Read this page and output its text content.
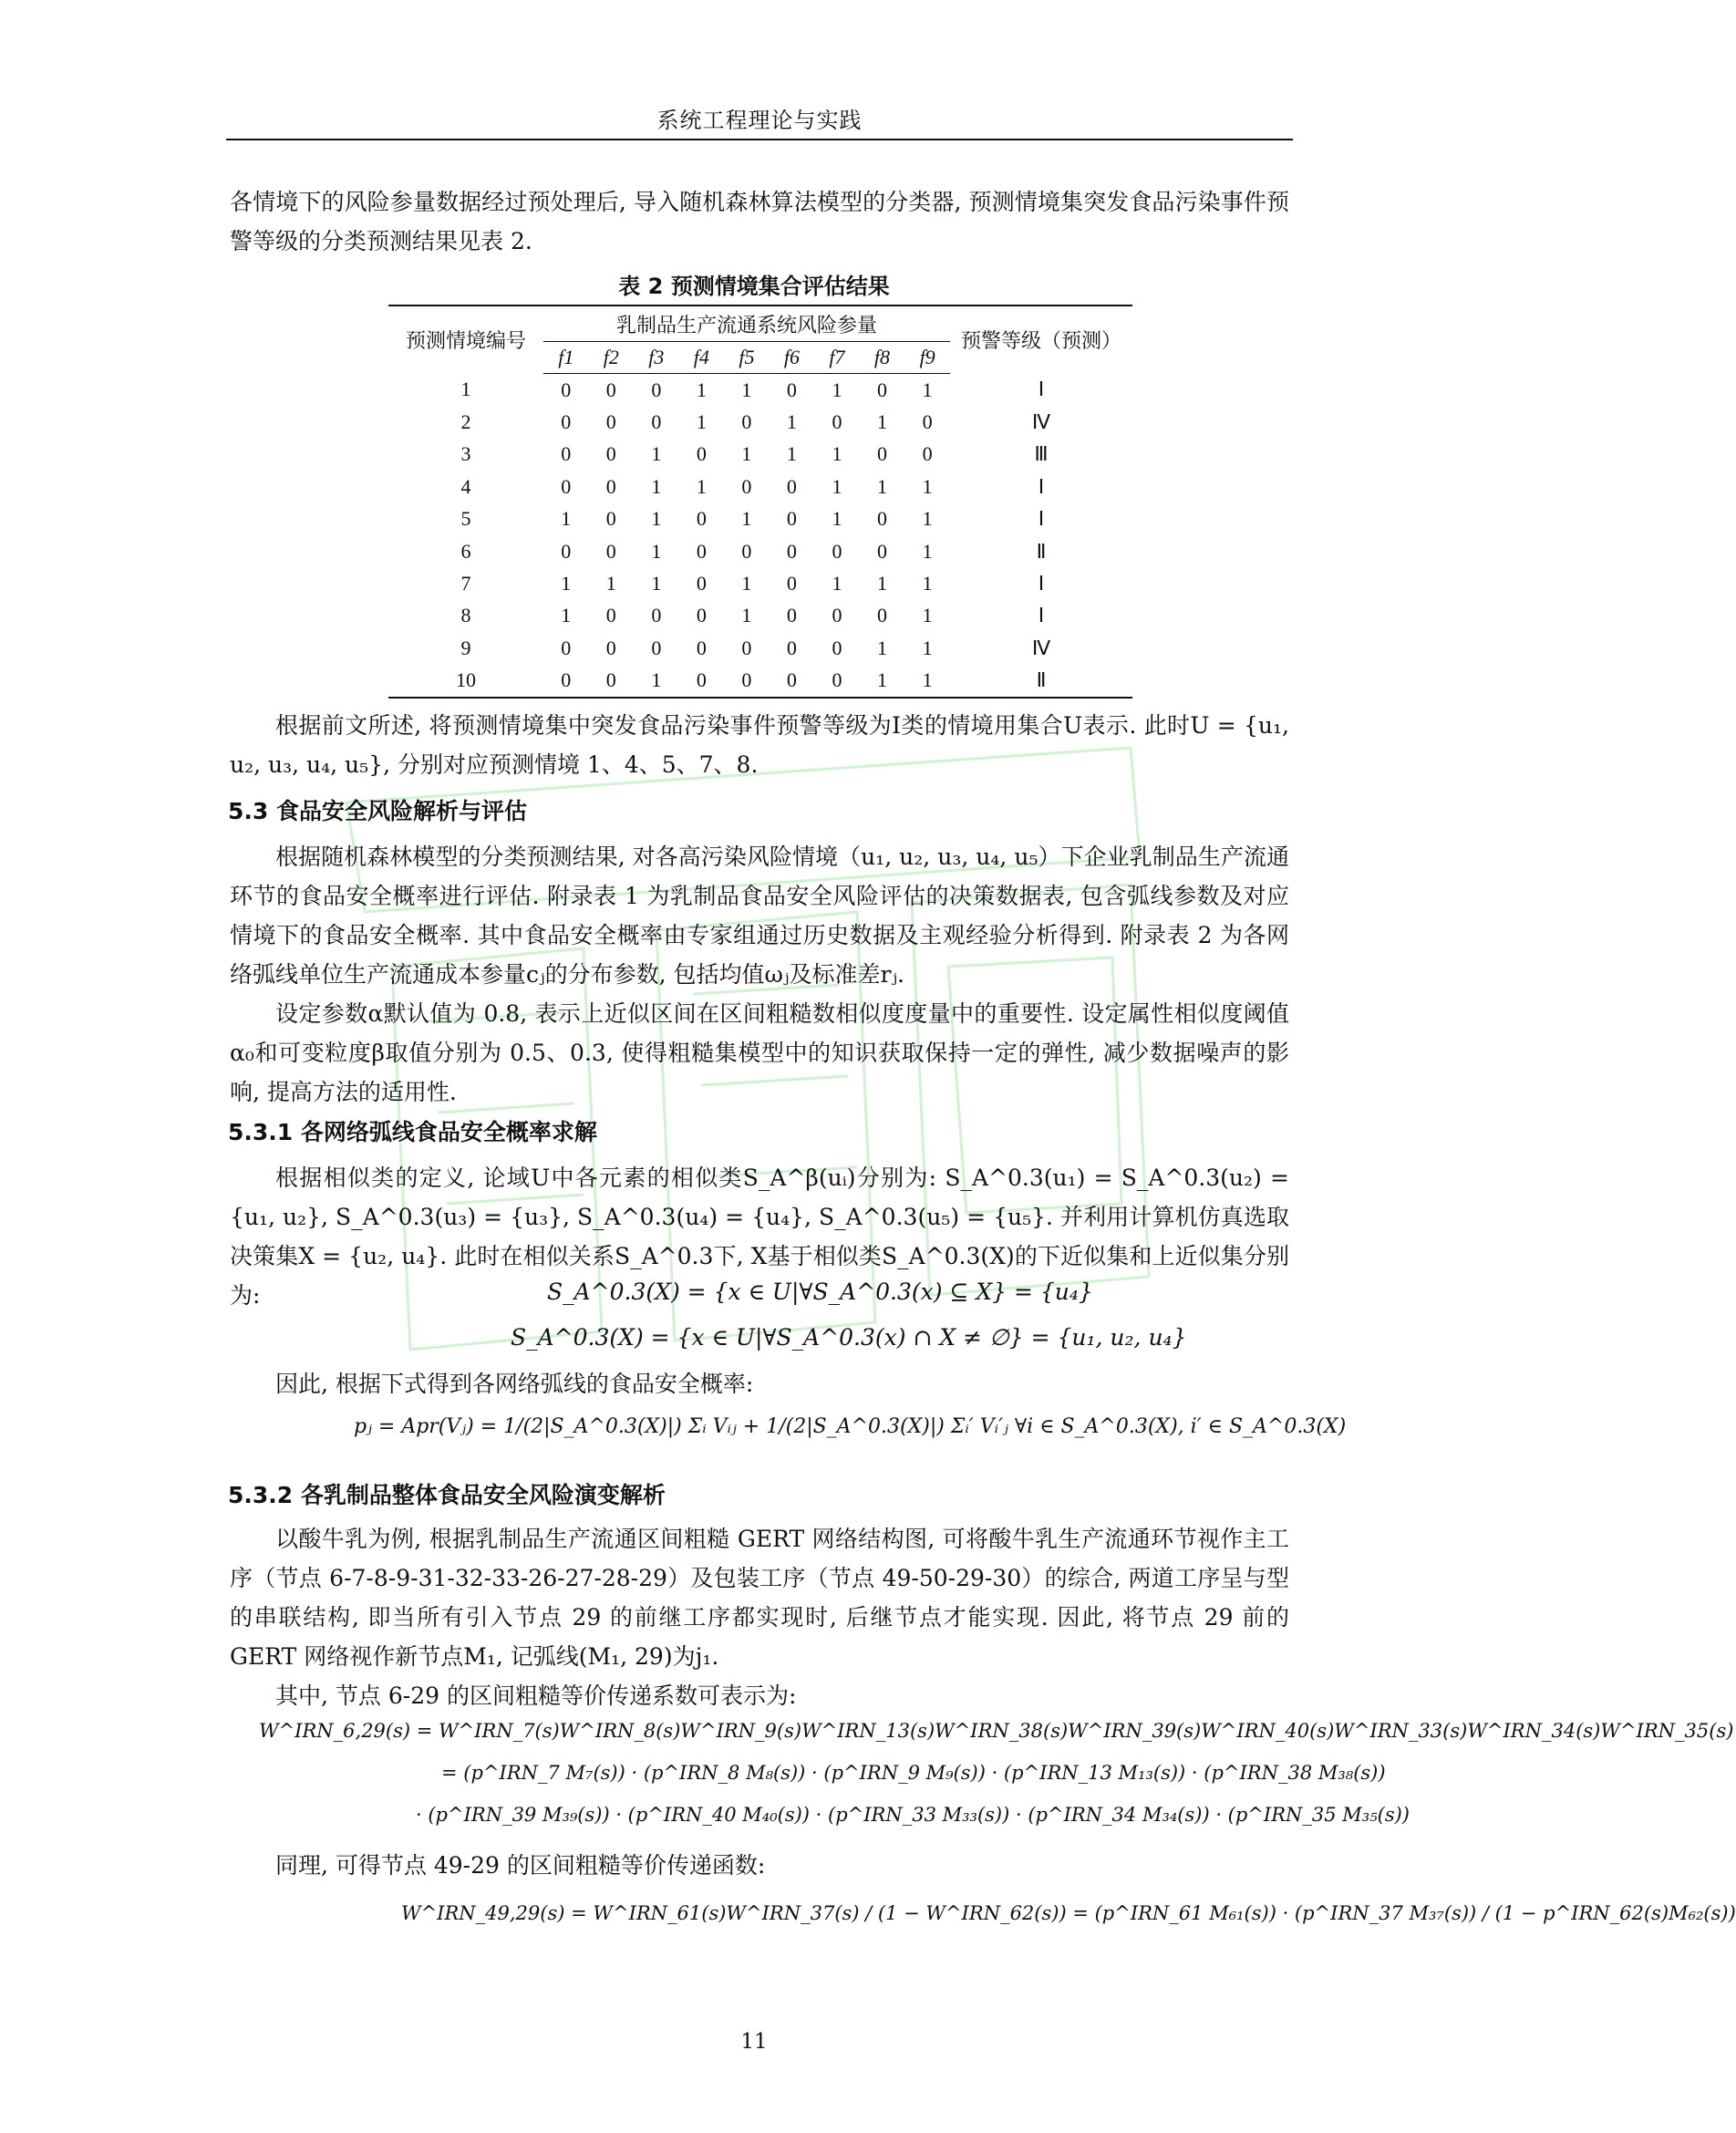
系统工程理论与实践
各情境下的风险参量数据经过预处理后, 导入随机森林算法模型的分类器, 预测情境集突发食品污染事件预警等级的分类预测结果见表 2.
表 2 预测情境集合评估结果
预测情境编号	乳制品生产流通系统风险参量									预警等级（预测）
	f1	f2	f3	f4	f5	f6	f7	f8	f9	
1	0	0	0	1	1	0	1	0	1	Ⅰ
2	0	0	0	1	0	1	0	1	0	Ⅳ
3	0	0	1	0	1	1	1	0	0	Ⅲ
4	0	0	1	1	0	0	1	1	1	Ⅰ
5	1	0	1	0	1	0	1	0	1	Ⅰ
6	0	0	1	0	0	0	0	0	1	Ⅱ
7	1	1	1	0	1	0	1	1	1	Ⅰ
8	1	0	0	0	1	0	0	0	1	Ⅰ
9	0	0	0	0	0	0	0	1	1	Ⅳ
10	0	0	1	0	0	0	0	1	1	Ⅱ
根据前文所述, 将预测情境集中突发食品污染事件预警等级为Ⅰ类的情境用集合U表示. 此时U = {u₁, u₂, u₃, u₄, u₅}, 分别对应预测情境 1、4、5、7、8.
5.3 食品安全风险解析与评估
根据随机森林模型的分类预测结果, 对各高污染风险情境（u₁, u₂, u₃, u₄, u₅）下企业乳制品生产流通环节的食品安全概率进行评估. 附录表 1 为乳制品食品安全风险评估的决策数据表, 包含弧线参数及对应情境下的食品安全概率. 其中食品安全概率由专家组通过历史数据及主观经验分析得到. 附录表 2 为各网络弧线单位生产流通成本参量cⱼ的分布参数, 包括均值ωⱼ及标准差rⱼ.
设定参数α默认值为 0.8, 表示上近似区间在区间粗糙数相似度度量中的重要性. 设定属性相似度阈值α₀和可变粒度β取值分别为 0.5、0.3, 使得粗糙集模型中的知识获取保持一定的弹性, 减少数据噪声的影响, 提高方法的适用性.
5.3.1 各网络弧线食品安全概率求解
根据相似类的定义, 论域U中各元素的相似类S_A^β(uᵢ)分别为: S_A^0.3(u₁) = S_A^0.3(u₂) = {u₁, u₂}, S_A^0.3(u₃) = {u₃}, S_A^0.3(u₄) = {u₄}, S_A^0.3(u₅) = {u₅}. 并利用计算机仿真选取决策集X = {u₂, u₄}. 此时在相似关系S_A^0.3下, X基于相似类S_A^0.3(X)的下近似集和上近似集分别为:	S_A^0.3(X) = {x ∈ U|∀S_A^0.3(x) ⊆ X} = {u₄}
S_A^0.3(X) = {x ∈ U|∀S_A^0.3(x) ∩ X ≠ ∅} = {u₁, u₂, u₄}
因此, 根据下式得到各网络弧线的食品安全概率:
pⱼ = Apr(Vⱼ) = 1/(2|S_A^0.3(X)|) Σᵢ Vᵢⱼ + 1/(2|S_A^0.3(X)|) Σᵢ′ Vᵢ′ⱼ ∀i ∈ S_A^0.3(X), i′ ∈ S_A^0.3(X)
5.3.2 各乳制品整体食品安全风险演变解析
以酸牛乳为例, 根据乳制品生产流通区间粗糙 GERT 网络结构图, 可将酸牛乳生产流通环节视作主工序（节点 6-7-8-9-31-32-33-26-27-28-29）及包装工序（节点 49-50-29-30）的综合, 两道工序呈与型的串联结构, 即当所有引入节点 29 的前继工序都实现时, 后继节点才能实现. 因此, 将节点 29 前的 GERT 网络视作新节点M₁, 记弧线(M₁, 29)为j₁.
其中, 节点 6-29 的区间粗糙等价传递系数可表示为:
W^IRN_6,29(s) = W^IRN_7(s)W^IRN_8(s)W^IRN_9(s)W^IRN_13(s)W^IRN_38(s)W^IRN_39(s)W^IRN_40(s)W^IRN_33(s)W^IRN_34(s)W^IRN_35(s)
= (p^IRN_7 M₇(s)) · (p^IRN_8 M₈(s)) · (p^IRN_9 M₉(s)) · (p^IRN_13 M₁₃(s)) · (p^IRN_38 M₃₈(s))
· (p^IRN_39 M₃₉(s)) · (p^IRN_40 M₄₀(s)) · (p^IRN_33 M₃₃(s)) · (p^IRN_34 M₃₄(s)) · (p^IRN_35 M₃₅(s))
同理, 可得节点 49-29 的区间粗糙等价传递函数:
W^IRN_49,29(s) = W^IRN_61(s)W^IRN_37(s) / (1 − W^IRN_62(s)) = (p^IRN_61 M₆₁(s)) · (p^IRN_37 M₃₇(s)) / (1 − p^IRN_62(s)M₆₂(s))
11
